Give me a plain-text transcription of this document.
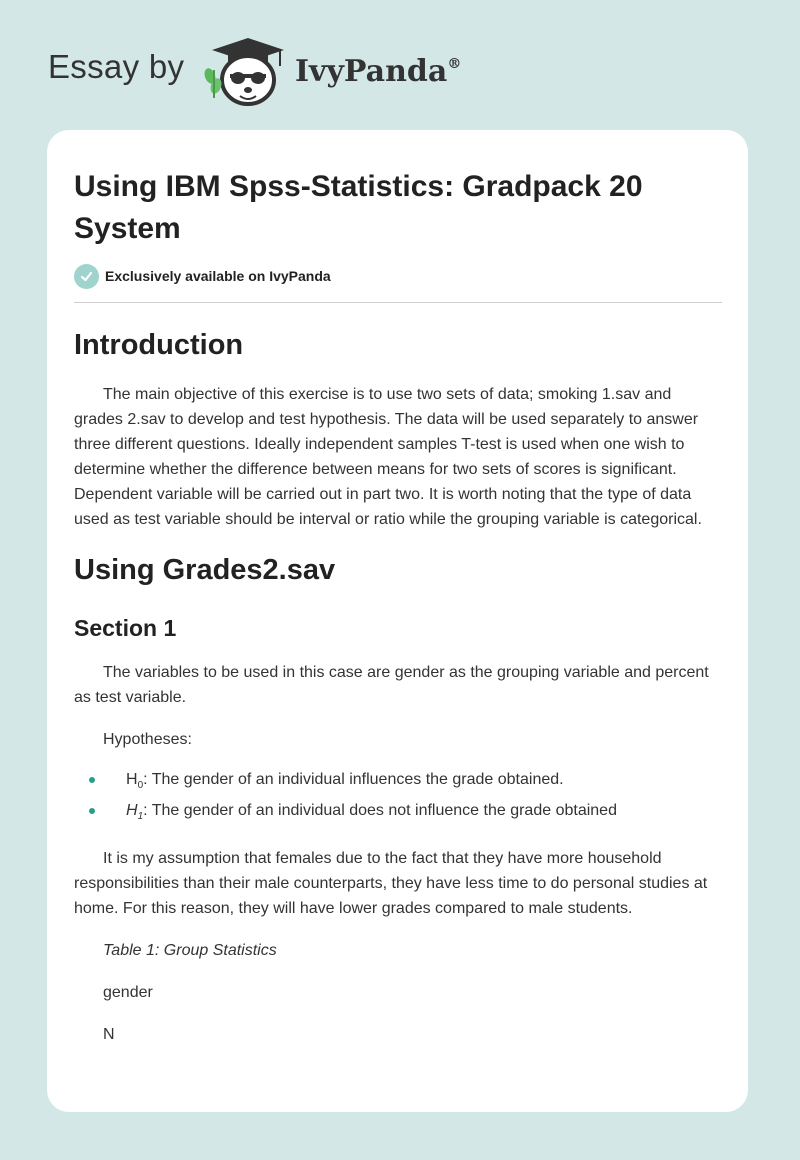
Essay by	IvyPanda®
Using IBM Spss-Statistics: Gradpack 20 System
Exclusively available on IvyPanda
Introduction

The main objective of this exercise is to use two sets of data; smoking 1.sav and grades 2.sav to develop and test hypothesis. The data will be used separately to answer three different questions. Ideally independent samples T-test is used when one wish to determine whether the difference between means for two sets of scores is significant. Dependent variable will be carried out in part two. It is worth noting that the type of data used as test variable should be interval or ratio while the grouping variable is categorical.

Using Grades2.sav
Section 1

The variables to be used in this case are gender as the grouping variable and percent as test variable.

Hypotheses:

$H_0$: The gender of an individual influences the grade obtained.
$H_1$: The gender of an individual does not influence the grade obtained

It is my assumption that females due to the fact that they have more household responsibilities than their male counterparts, they have less time to do personal studies at home. For this reason, they will have lower grades compared to male students.

Table 1: Group Statistics

gender

N
